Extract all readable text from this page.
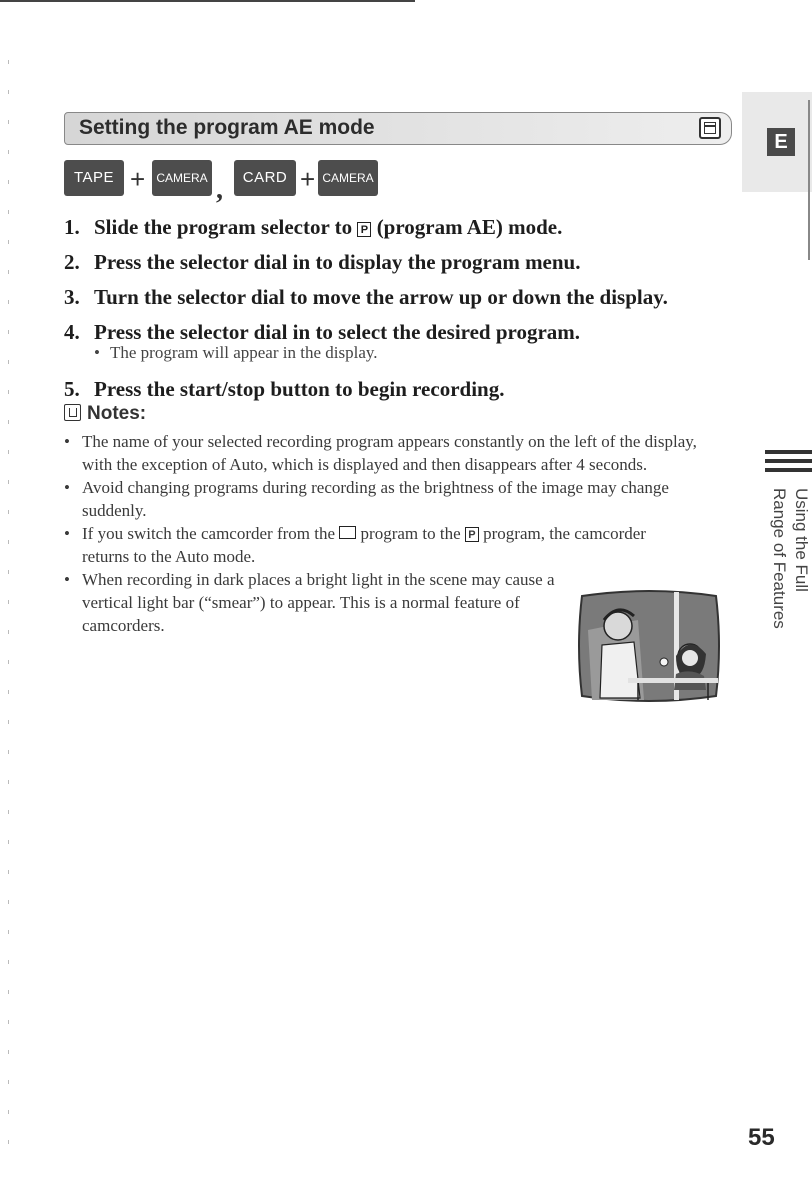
Setting the program AE mode
E
TAPE + CAMERA ,	CARD + CAMERA
1. Slide the program selector to P (program AE) mode.
2. Press the selector dial in to display the program menu.
3. Turn the selector dial to move the arrow up or down the display.
4. Press the selector dial in to select the desired program.
• The program will appear in the display.
5. Press the start/stop button to begin recording.
Notes:
• The name of your selected recording program appears constantly on the left of the display, with the exception of Auto, which is displayed and then disappears after 4 seconds.
• Avoid changing programs during recording as the brightness of the image may change suddenly.
• If you switch the camcorder from the  program to the P program, the camcorder returns to the Auto mode.
• When recording in dark places a bright light in the scene may cause a vertical light bar (“smear”) to appear. This is a normal feature of camcorders.
Using the Full
Range of Features
55
